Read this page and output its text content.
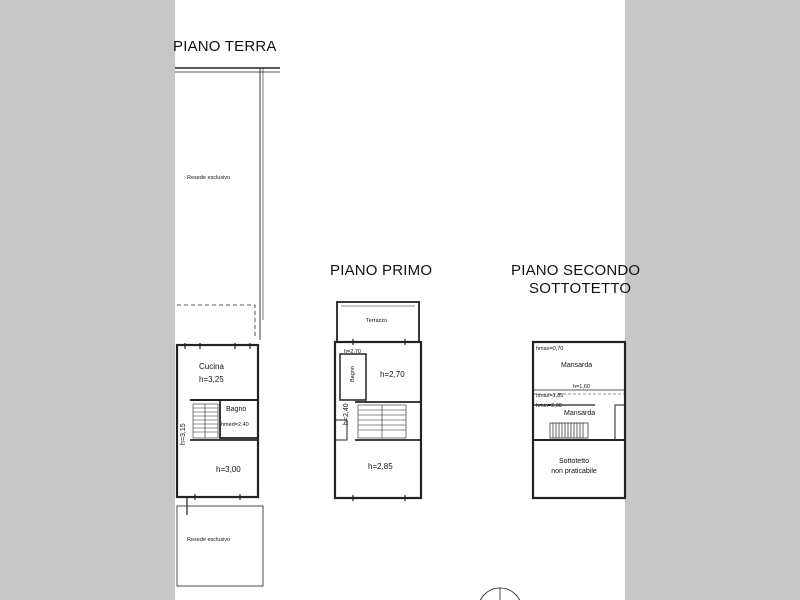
PIANO TERRA
PIANO PRIMO	PIANO SECONDO
SOTTOTETTO
Resede esclusivo
Cucina
h=3,25
Bagno
hmed=2,40
h=3,15
h=3,00
Resede esclusivo
Terrazzo
h=2,70
Bagno	h=2,70
h=2,40
h=2,85
hmax=0,70
Mansarda
h=1,60
hmax=1,85
hmin=2,00
Mansarda
Sottotetto
non praticabile
